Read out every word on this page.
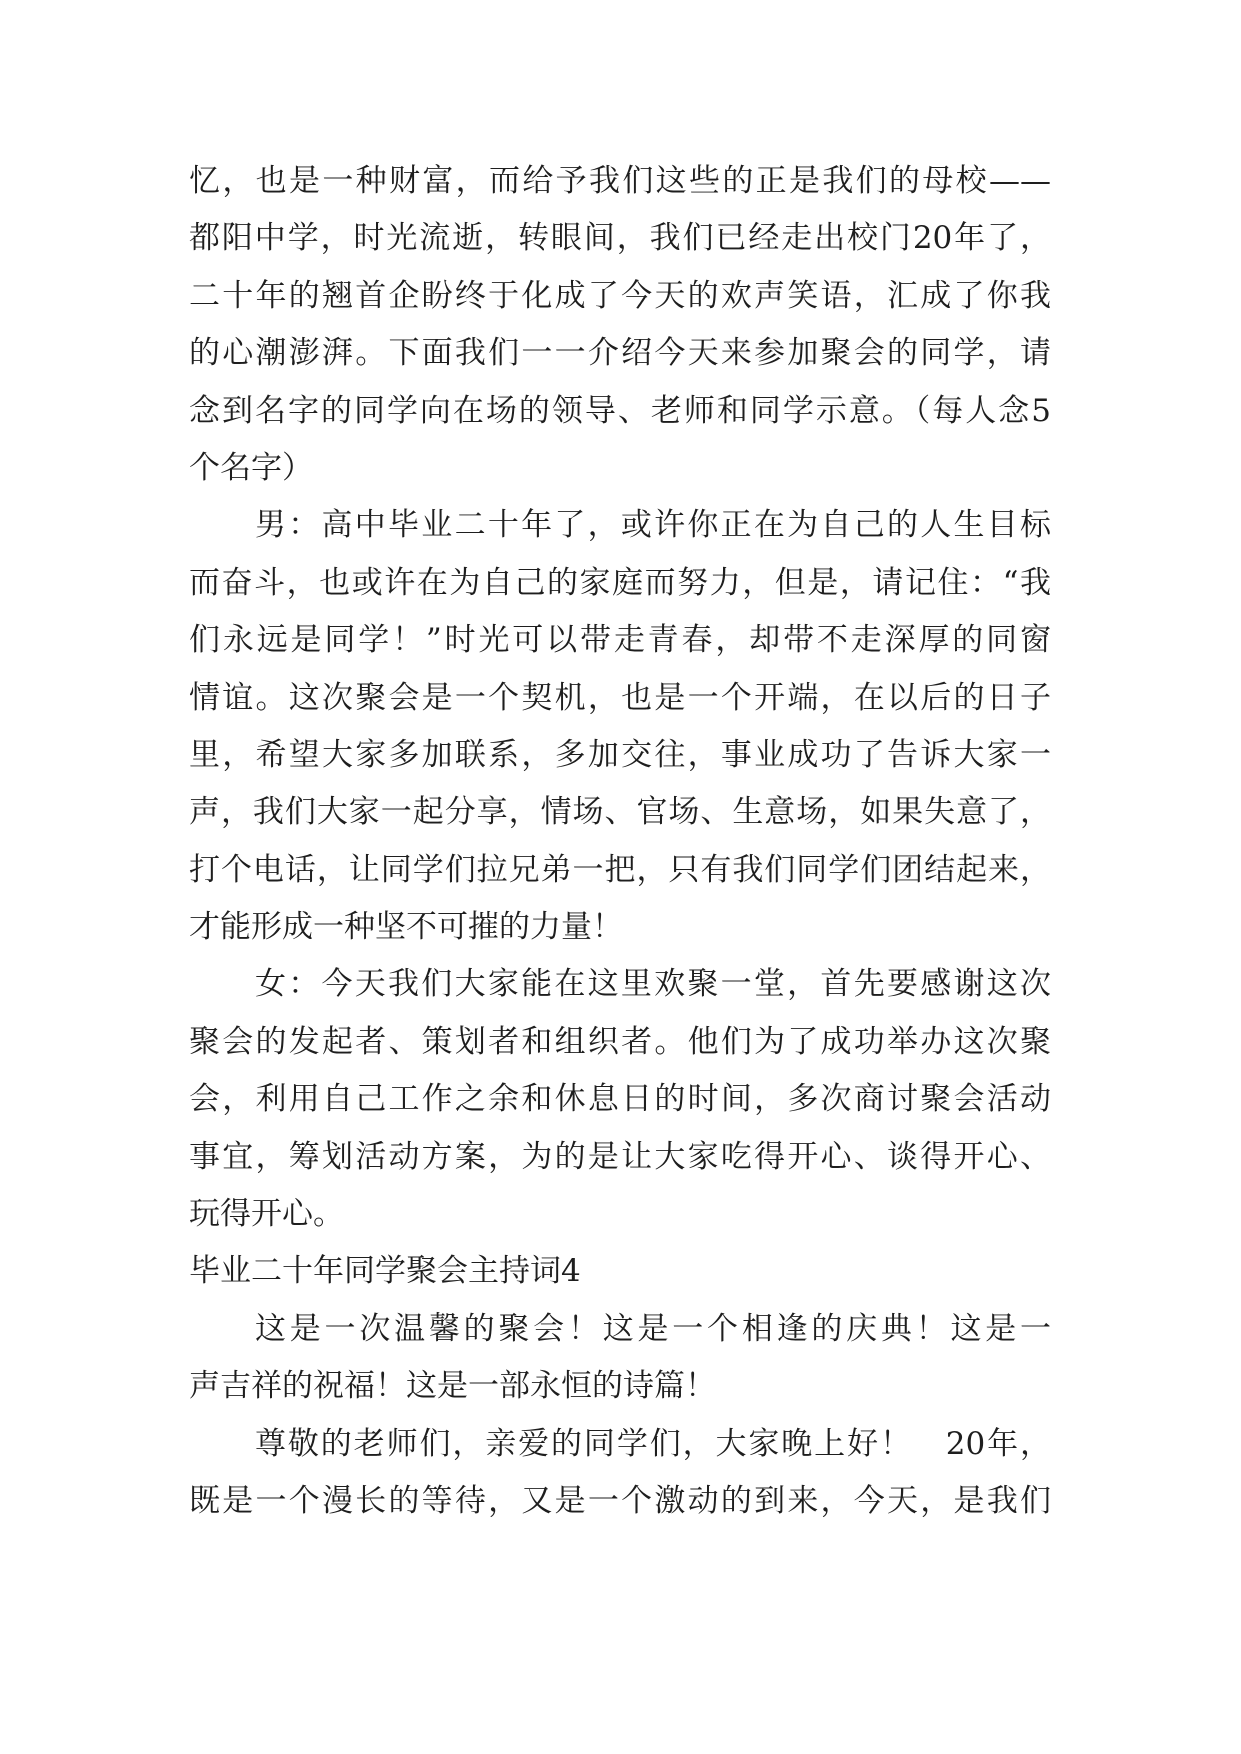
忆，也是一种财富，而给予我们这些的正是我们的母校——
都阳中学，时光流逝，转眼间，我们已经走出校门20年了，
二十年的翘首企盼终于化成了今天的欢声笑语，汇成了你我
的心潮澎湃。下面我们一一介绍今天来参加聚会的同学，请
念到名字的同学向在场的领导、老师和同学示意。（每人念5
个名字）
男：高中毕业二十年了，或许你正在为自己的人生目标
而奋斗，也或许在为自己的家庭而努力，但是，请记住：“我
们永远是同学！”时光可以带走青春，却带不走深厚的同窗
情谊。这次聚会是一个契机，也是一个开端，在以后的日子
里，希望大家多加联系，多加交往，事业成功了告诉大家一
声，我们大家一起分享，情场、官场、生意场，如果失意了，
打个电话，让同学们拉兄弟一把，只有我们同学们团结起来，
才能形成一种坚不可摧的力量！
女：今天我们大家能在这里欢聚一堂，首先要感谢这次
聚会的发起者、策划者和组织者。他们为了成功举办这次聚
会，利用自己工作之余和休息日的时间，多次商讨聚会活动
事宜，筹划活动方案，为的是让大家吃得开心、谈得开心、
玩得开心。
毕业二十年同学聚会主持词4
这是一次温馨的聚会！这是一个相逢的庆典！这是一
声吉祥的祝福！这是一部永恒的诗篇！
尊敬的老师们，亲爱的同学们，大家晚上好！　20年，
既是一个漫长的等待，又是一个激动的到来，今天，是我们
